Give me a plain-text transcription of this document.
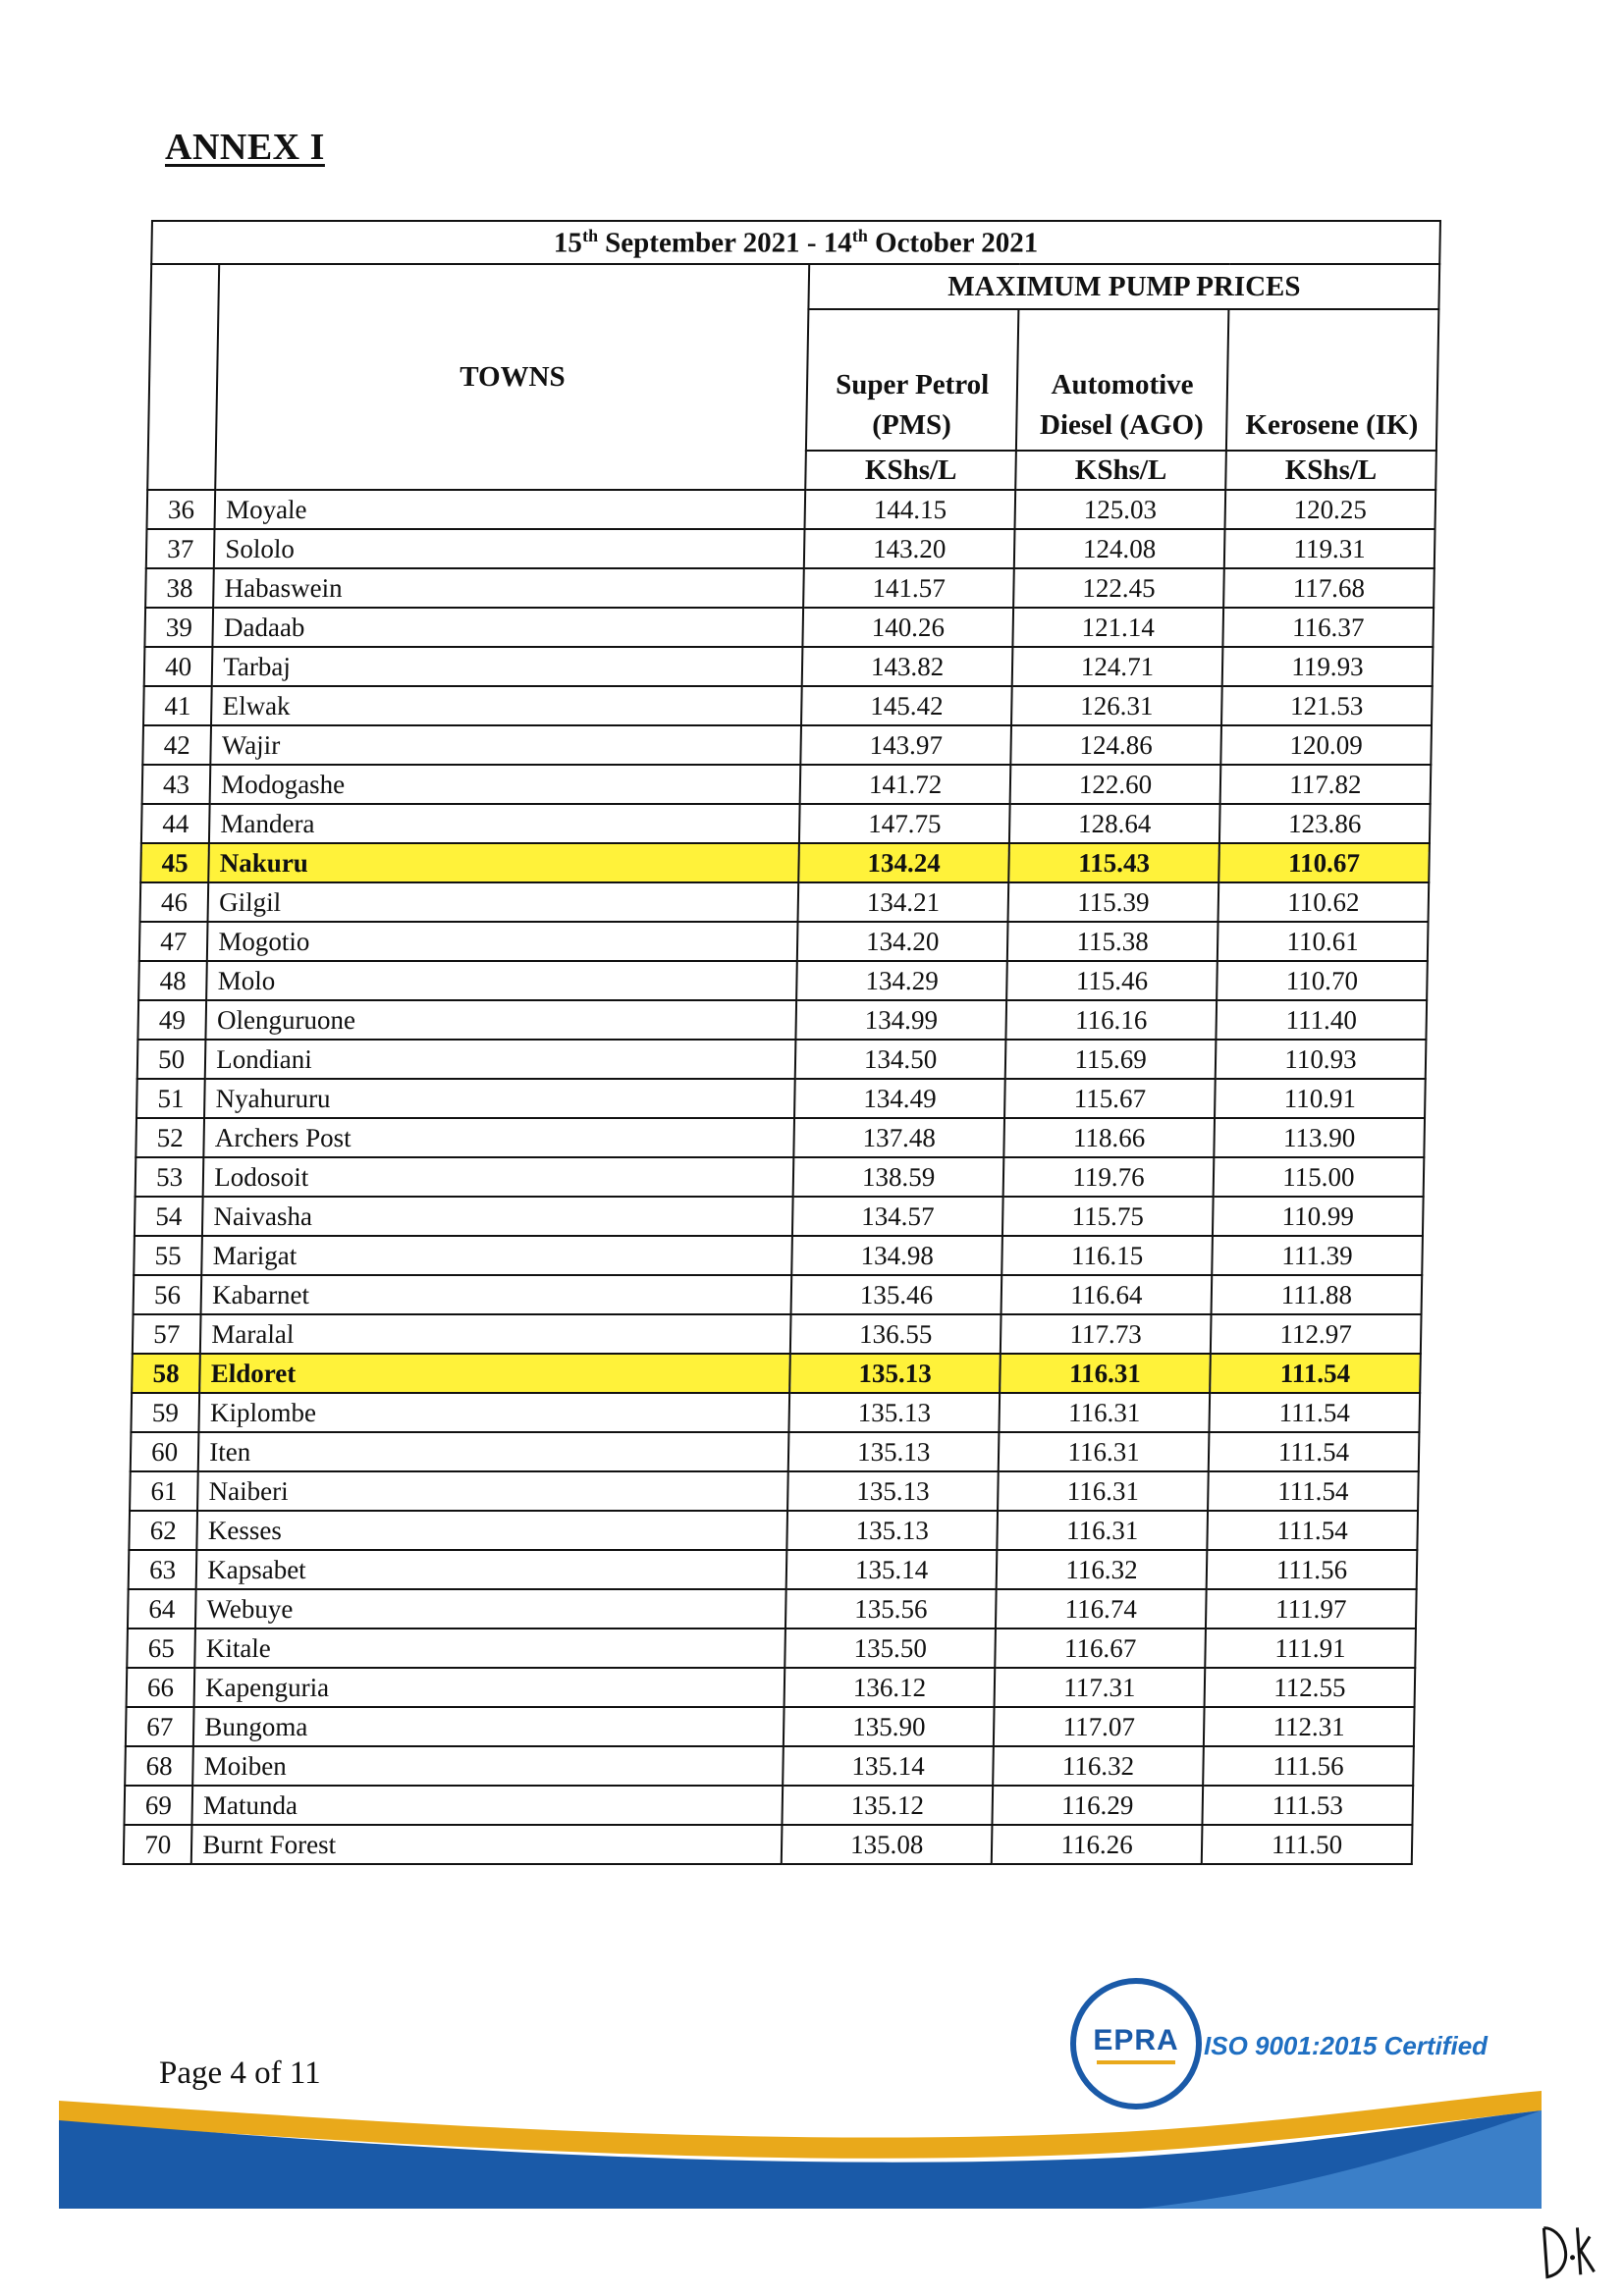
ANNEX I
15th September 2021 - 14th October 2021				
	TOWNS	MAXIMUM PUMP PRICES		
		Super Petrol (PMS)	Automotive Diesel (AGO)	Kerosene (IK)
		KShs/L	KShs/L	KShs/L
36	Moyale	144.15	125.03	120.25
37	Sololo	143.20	124.08	119.31
38	Habaswein	141.57	122.45	117.68
39	Dadaab	140.26	121.14	116.37
40	Tarbaj	143.82	124.71	119.93
41	Elwak	145.42	126.31	121.53
42	Wajir	143.97	124.86	120.09
43	Modogashe	141.72	122.60	117.82
44	Mandera	147.75	128.64	123.86
45	Nakuru	134.24	115.43	110.67
46	Gilgil	134.21	115.39	110.62
47	Mogotio	134.20	115.38	110.61
48	Molo	134.29	115.46	110.70
49	Olenguruone	134.99	116.16	111.40
50	Londiani	134.50	115.69	110.93
51	Nyahururu	134.49	115.67	110.91
52	Archers Post	137.48	118.66	113.90
53	Lodosoit	138.59	119.76	115.00
54	Naivasha	134.57	115.75	110.99
55	Marigat	134.98	116.15	111.39
56	Kabarnet	135.46	116.64	111.88
57	Maralal	136.55	117.73	112.97
58	Eldoret	135.13	116.31	111.54
59	Kiplombe	135.13	116.31	111.54
60	Iten	135.13	116.31	111.54
61	Naiberi	135.13	116.31	111.54
62	Kesses	135.13	116.31	111.54
63	Kapsabet	135.14	116.32	111.56
64	Webuye	135.56	116.74	111.97
65	Kitale	135.50	116.67	111.91
66	Kapenguria	136.12	117.31	112.55
67	Bungoma	135.90	117.07	112.31
68	Moiben	135.14	116.32	111.56
69	Matunda	135.12	116.29	111.53
70	Burnt Forest	135.08	116.26	111.50

Page 4 of 11

EPRA ISO 9001:2015 Certified
